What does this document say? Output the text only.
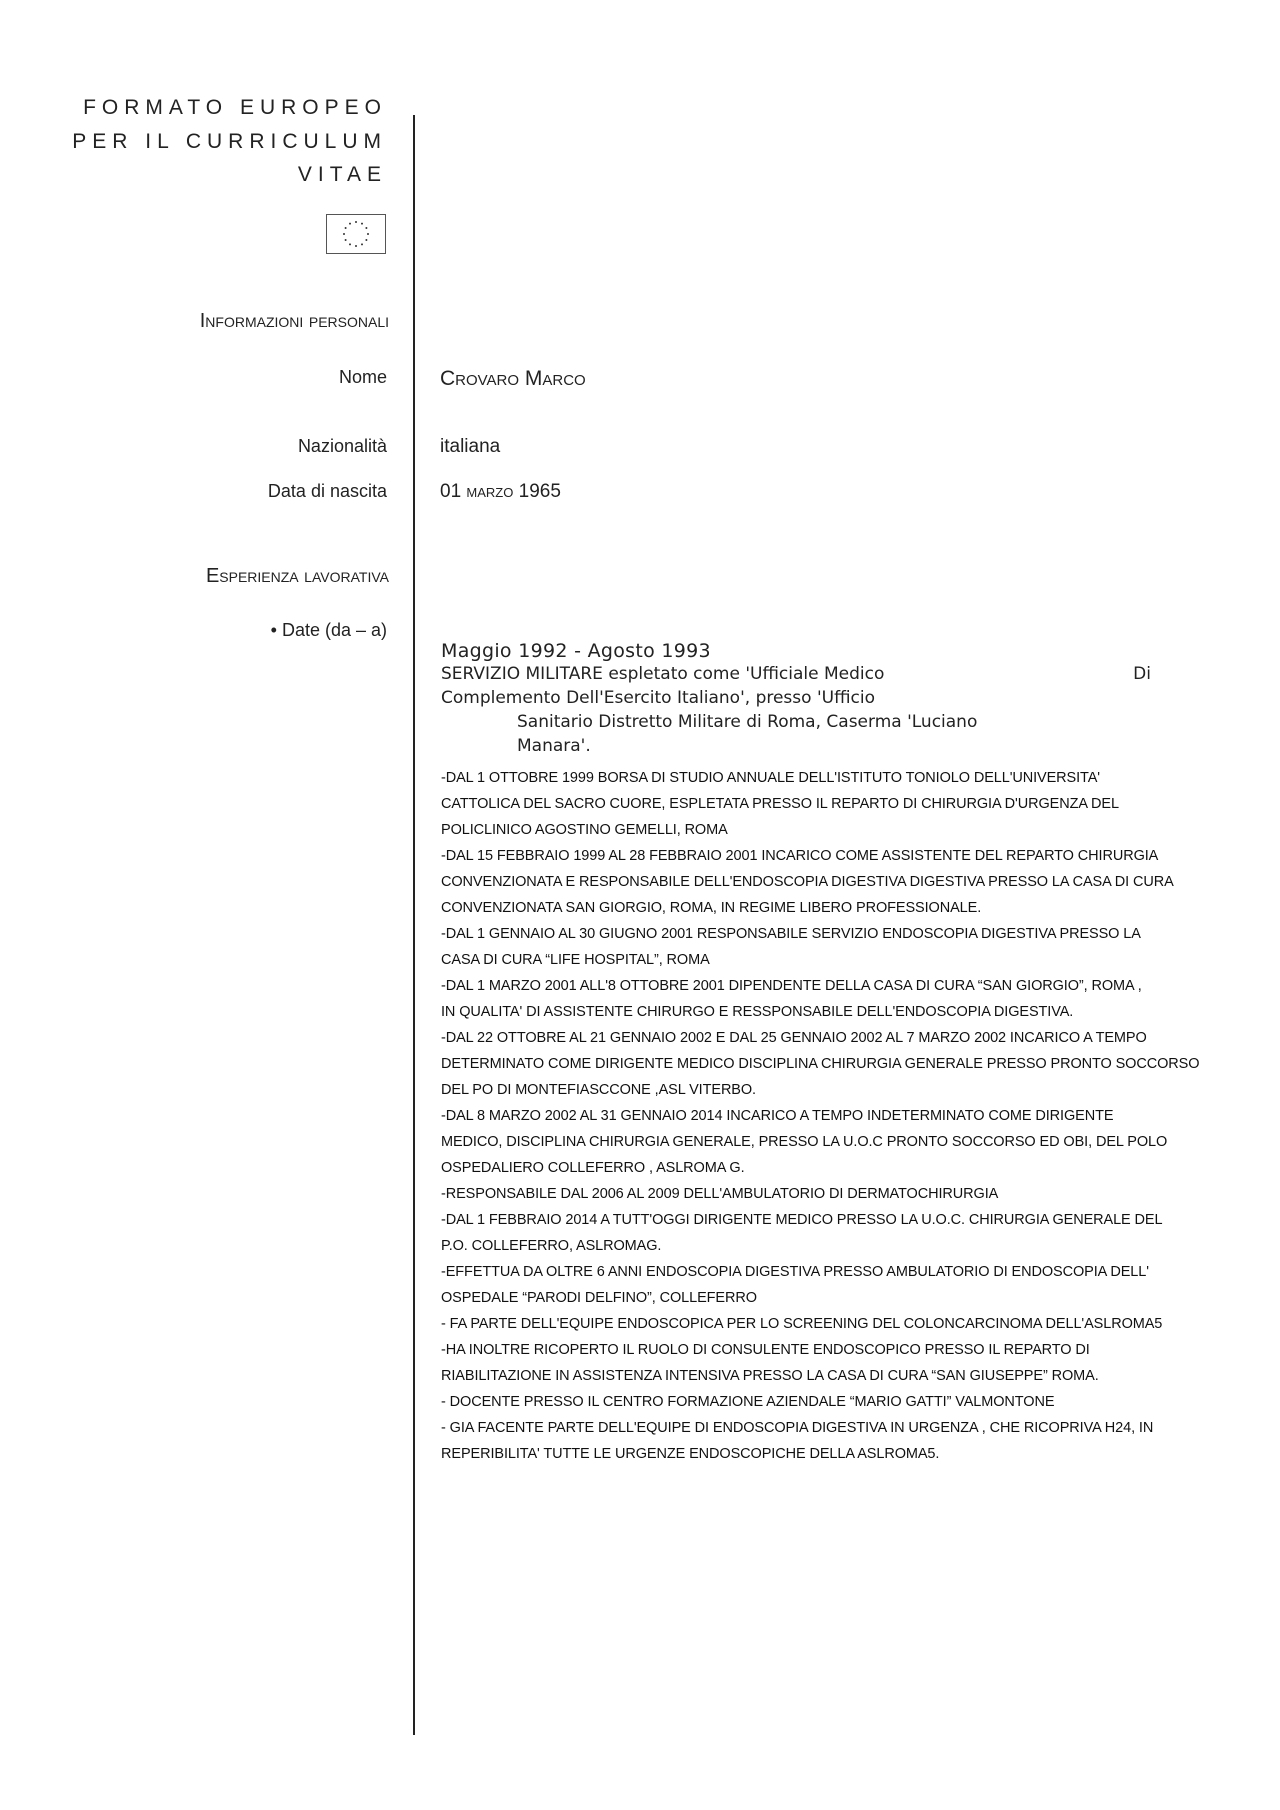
FORMATO EUROPEO
PER IL CURRICULUM
VITAE
Informazioni personali
Nome	Crovaro Marco
Nazionalità	italiana
Data di nascita	01 marzo 1965
Esperienza lavorativa
• Date (da – a)
Maggio 1992 - Agosto 1993
SERVIZIO MILITARE espletato come 'Ufficiale Medico	Di
Complemento Dell'Esercito Italiano', presso 'Ufficio
Sanitario Distretto Militare di Roma, Caserma 'Luciano
Manara'.
-DAL 1 OTTOBRE 1999 BORSA DI STUDIO ANNUALE DELL'ISTITUTO TONIOLO DELL'UNIVERSITA'
CATTOLICA DEL SACRO CUORE, ESPLETATA PRESSO IL REPARTO DI CHIRURGIA D'URGENZA DEL
POLICLINICO AGOSTINO GEMELLI, ROMA
-DAL 15 FEBBRAIO 1999 AL 28 FEBBRAIO 2001 INCARICO COME ASSISTENTE DEL REPARTO CHIRURGIA
CONVENZIONATA E RESPONSABILE DELL'ENDOSCOPIA DIGESTIVA DIGESTIVA PRESSO LA CASA DI CURA
CONVENZIONATA SAN GIORGIO, ROMA, IN REGIME LIBERO PROFESSIONALE.
-DAL 1 GENNAIO AL 30 GIUGNO 2001 RESPONSABILE SERVIZIO ENDOSCOPIA DIGESTIVA PRESSO LA
CASA DI CURA “LIFE HOSPITAL”, ROMA
-DAL 1 MARZO 2001 ALL'8 OTTOBRE 2001 DIPENDENTE DELLA CASA DI CURA “SAN GIORGIO”, ROMA ,
IN QUALITA' DI ASSISTENTE CHIRURGO E RESSPONSABILE DELL'ENDOSCOPIA DIGESTIVA.
-DAL 22 OTTOBRE AL 21 GENNAIO 2002 E DAL 25 GENNAIO 2002 AL 7 MARZO 2002 INCARICO A TEMPO
DETERMINATO COME DIRIGENTE MEDICO DISCIPLINA CHIRURGIA GENERALE PRESSO PRONTO SOCCORSO
DEL PO DI MONTEFIASCCONE ,ASL VITERBO.
-DAL 8 MARZO 2002 AL 31 GENNAIO 2014 INCARICO A TEMPO INDETERMINATO COME DIRIGENTE
MEDICO, DISCIPLINA CHIRURGIA GENERALE, PRESSO LA U.O.C PRONTO SOCCORSO ED OBI, DEL POLO
OSPEDALIERO COLLEFERRO , ASLROMA G.
-RESPONSABILE DAL 2006 AL 2009 DELL'AMBULATORIO DI DERMATOCHIRURGIA
-DAL 1 FEBBRAIO 2014 A TUTT'OGGI DIRIGENTE MEDICO PRESSO LA U.O.C. CHIRURGIA GENERALE DEL
P.O. COLLEFERRO, ASLROMAG.
-EFFETTUA DA OLTRE 6 ANNI ENDOSCOPIA DIGESTIVA PRESSO AMBULATORIO DI ENDOSCOPIA DELL'
OSPEDALE “PARODI DELFINO”, COLLEFERRO
- FA PARTE DELL'EQUIPE ENDOSCOPICA PER LO SCREENING DEL COLONCARCINOMA DELL'ASLROMA5
-HA INOLTRE RICOPERTO IL RUOLO DI CONSULENTE ENDOSCOPICO PRESSO IL REPARTO DI
RIABILITAZIONE IN ASSISTENZA INTENSIVA PRESSO LA CASA DI CURA “SAN GIUSEPPE” ROMA.
- DOCENTE PRESSO IL CENTRO FORMAZIONE AZIENDALE “MARIO GATTI” VALMONTONE
- GIA FACENTE PARTE DELL'EQUIPE DI ENDOSCOPIA DIGESTIVA IN URGENZA , CHE RICOPRIVA H24, IN
REPERIBILITA' TUTTE LE URGENZE ENDOSCOPICHE DELLA ASLROMA5.
